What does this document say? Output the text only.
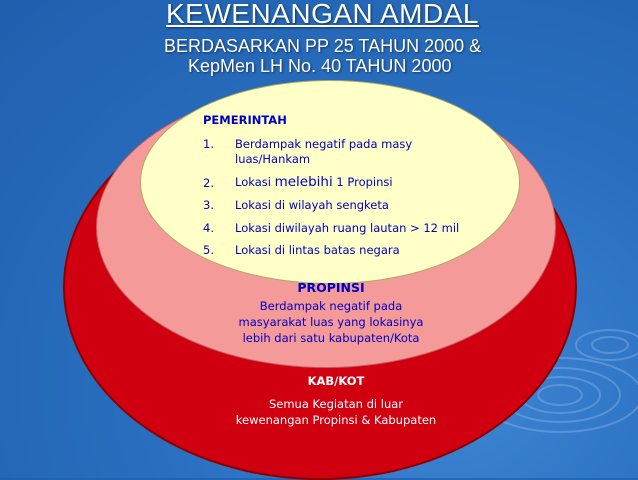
KEWENANGAN AMDAL
BERDASARKAN PP 25 TAHUN 2000 &
KepMen LH No. 40 TAHUN 2000
PEMERINTAH
1. Berdampak negatif pada masy
luas/Hankam
2. Lokasi melebihi 1 Propinsi
3. Lokasi di wilayah sengketa
4. Lokasi diwilayah ruang lautan > 12 mil
5. Lokasi di lintas batas negara
PROPINSI
Berdampak negatif pada
masyarakat luas yang lokasinya
lebih dari satu kabupaten/Kota
KAB/KOT
Semua Kegiatan di luar
kewenangan Propinsi & Kabupaten
